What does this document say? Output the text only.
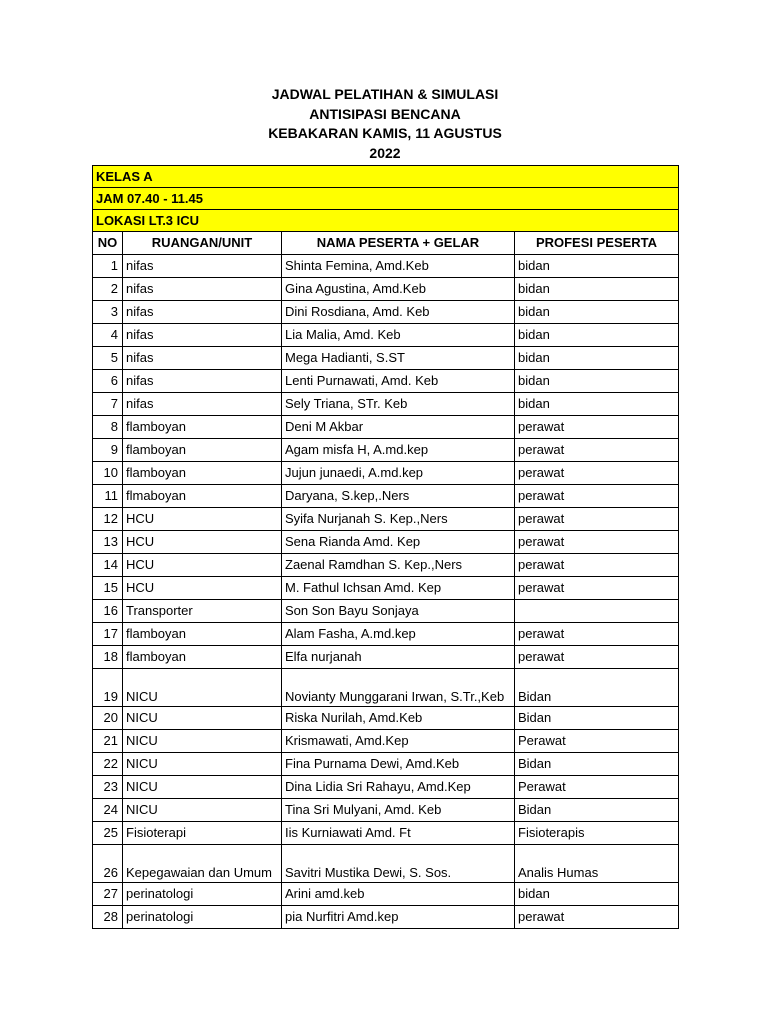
JADWAL PELATIHAN & SIMULASI
ANTISIPASI BENCANA
KEBAKARAN KAMIS, 11 AGUSTUS
2022
KELAS A			
JAM 07.40 - 11.45			
LOKASI LT.3 ICU			
NO	RUANGAN/UNIT	NAMA PESERTA + GELAR	PROFESI PESERTA
1	nifas	Shinta Femina, Amd.Keb	bidan
2	nifas	Gina Agustina, Amd.Keb	bidan
3	nifas	Dini Rosdiana, Amd. Keb	bidan
4	nifas	Lia Malia, Amd. Keb	bidan
5	nifas	Mega Hadianti, S.ST	bidan
6	nifas	Lenti Purnawati, Amd. Keb	bidan
7	nifas	Sely Triana, STr. Keb	bidan
8	flamboyan	Deni M Akbar	perawat
9	flamboyan	Agam misfa H, A.md.kep	perawat
10	flamboyan	Jujun junaedi, A.md.kep	perawat
11	flmaboyan	Daryana, S.kep,.Ners	perawat
12	HCU	Syifa Nurjanah S. Kep.,Ners	perawat
13	HCU	Sena Rianda Amd. Kep	perawat
14	HCU	Zaenal Ramdhan S. Kep.,Ners	perawat
15	HCU	M. Fathul Ichsan Amd. Kep	perawat
16	Transporter	Son Son Bayu Sonjaya	
17	flamboyan	Alam Fasha, A.md.kep	perawat
18	flamboyan	Elfa nurjanah	perawat
19	NICU	Novianty Munggarani Irwan, S.Tr.,Keb	Bidan
20	NICU	Riska Nurilah, Amd.Keb	Bidan
21	NICU	Krismawati, Amd.Kep	Perawat
22	NICU	Fina Purnama Dewi, Amd.Keb	Bidan
23	NICU	Dina Lidia Sri Rahayu, Amd.Kep	Perawat
24	NICU	Tina Sri Mulyani, Amd. Keb	Bidan
25	Fisioterapi	Iis Kurniawati Amd. Ft	Fisioterapis
26	Kepegawaian dan Umum	Savitri Mustika Dewi, S. Sos.	Analis Humas
27	perinatologi	Arini amd.keb	bidan
28	perinatologi	pia Nurfitri Amd.kep	perawat
